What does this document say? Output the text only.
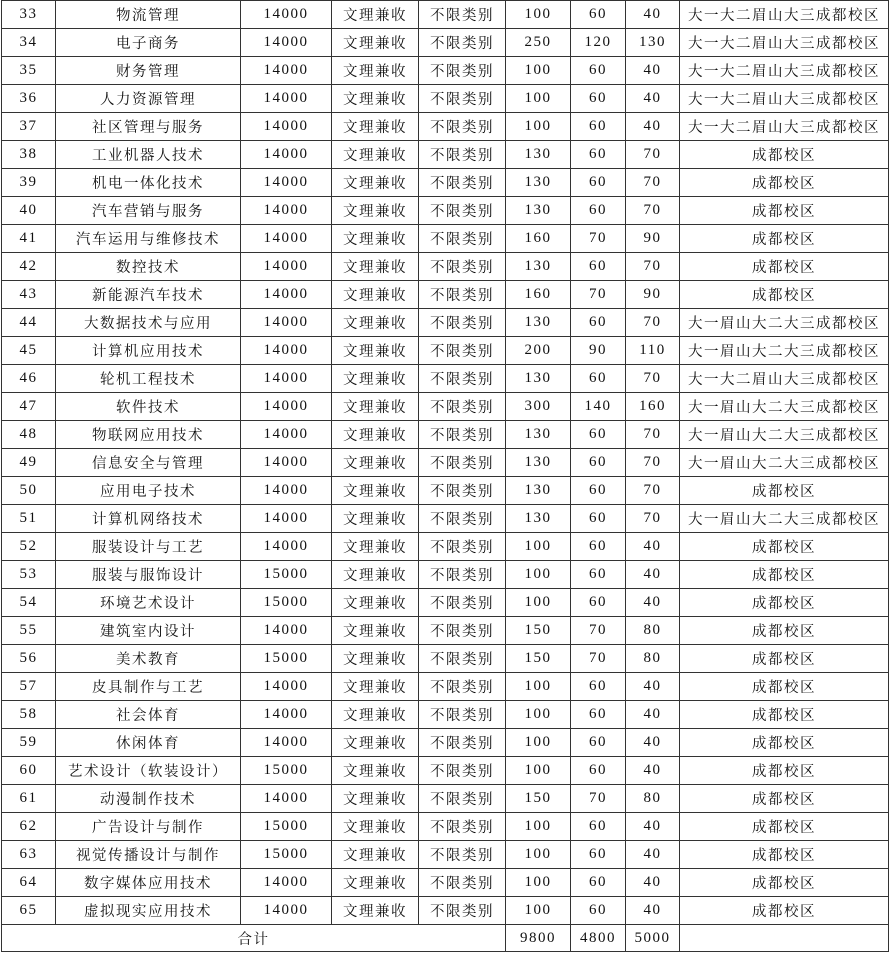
33	物流管理	14000	文理兼收	不限类别	100	60	40	大一大二眉山大三成都校区
34	电子商务	14000	文理兼收	不限类别	250	120	130	大一大二眉山大三成都校区
35	财务管理	14000	文理兼收	不限类别	100	60	40	大一大二眉山大三成都校区
36	人力资源管理	14000	文理兼收	不限类别	100	60	40	大一大二眉山大三成都校区
37	社区管理与服务	14000	文理兼收	不限类别	100	60	40	大一大二眉山大三成都校区
38	工业机器人技术	14000	文理兼收	不限类别	130	60	70	成都校区
39	机电一体化技术	14000	文理兼收	不限类别	130	60	70	成都校区
40	汽车营销与服务	14000	文理兼收	不限类别	130	60	70	成都校区
41	汽车运用与维修技术	14000	文理兼收	不限类别	160	70	90	成都校区
42	数控技术	14000	文理兼收	不限类别	130	60	70	成都校区
43	新能源汽车技术	14000	文理兼收	不限类别	160	70	90	成都校区
44	大数据技术与应用	14000	文理兼收	不限类别	130	60	70	大一眉山大二大三成都校区
45	计算机应用技术	14000	文理兼收	不限类别	200	90	110	大一眉山大二大三成都校区
46	轮机工程技术	14000	文理兼收	不限类别	130	60	70	大一大二眉山大三成都校区
47	软件技术	14000	文理兼收	不限类别	300	140	160	大一眉山大二大三成都校区
48	物联网应用技术	14000	文理兼收	不限类别	130	60	70	大一眉山大二大三成都校区
49	信息安全与管理	14000	文理兼收	不限类别	130	60	70	大一眉山大二大三成都校区
50	应用电子技术	14000	文理兼收	不限类别	130	60	70	成都校区
51	计算机网络技术	14000	文理兼收	不限类别	130	60	70	大一眉山大二大三成都校区
52	服装设计与工艺	14000	文理兼收	不限类别	100	60	40	成都校区
53	服装与服饰设计	15000	文理兼收	不限类别	100	60	40	成都校区
54	环境艺术设计	15000	文理兼收	不限类别	100	60	40	成都校区
55	建筑室内设计	14000	文理兼收	不限类别	150	70	80	成都校区
56	美术教育	15000	文理兼收	不限类别	150	70	80	成都校区
57	皮具制作与工艺	14000	文理兼收	不限类别	100	60	40	成都校区
58	社会体育	14000	文理兼收	不限类别	100	60	40	成都校区
59	休闲体育	14000	文理兼收	不限类别	100	60	40	成都校区
60	艺术设计（软装设计）	15000	文理兼收	不限类别	100	60	40	成都校区
61	动漫制作技术	14000	文理兼收	不限类别	150	70	80	成都校区
62	广告设计与制作	15000	文理兼收	不限类别	100	60	40	成都校区
63	视觉传播设计与制作	15000	文理兼收	不限类别	100	60	40	成都校区
64	数字媒体应用技术	14000	文理兼收	不限类别	100	60	40	成都校区
65	虚拟现实应用技术	14000	文理兼收	不限类别	100	60	40	成都校区
合计					9800	4800	5000	
